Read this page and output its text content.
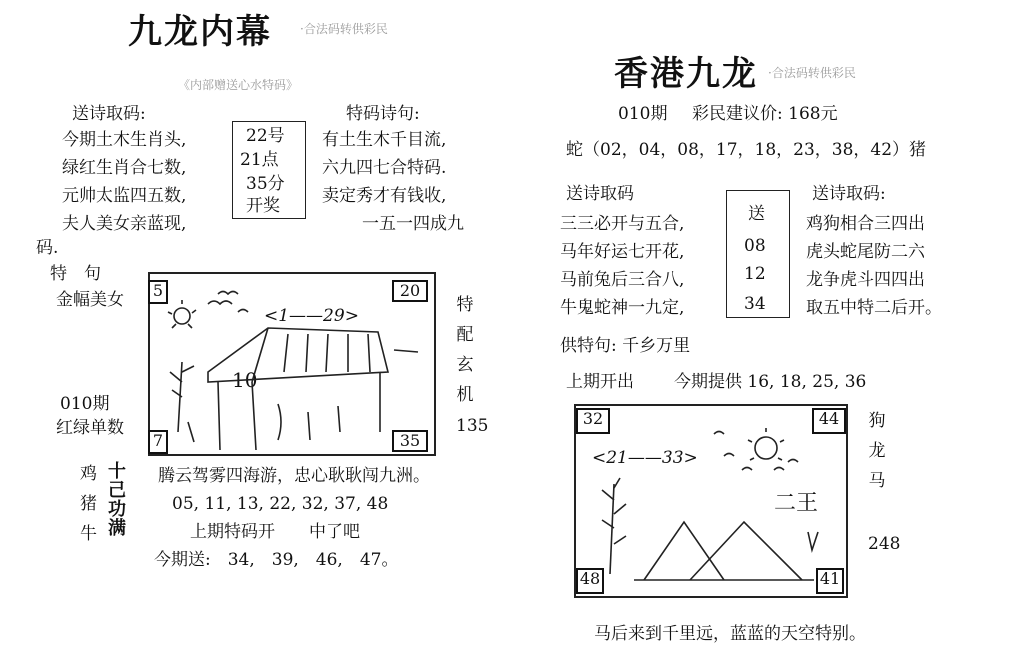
九龙内幕 ·合法码转供彩民
《内部赠送心水特码》
送诗取码:	特码诗句:
今期土木生肖头,
绿红生肖合七数,
元帅太监四五数,
夫人美女亲蓝现,
22号
21点
35分
开奖
有土生木千目流,
六九四七合特码.
卖定秀才有钱收,
一五一四成九
码.
特　句
金幅美女
010期
红绿单数
5	20
7	35
<1——29>
10
特
配
玄
机
135
鸡
猪
牛
十
己
功
满
腾云驾雾四海游，忠心耿耿闯九洲。
05, 11, 13, 22, 32, 37, 48
上期特码开　　中了吧
今期送:　34,　39,　46,　47。
香港九龙 ·合法码转供彩民
010期 彩民建议价: 168元
蛇（02，04，08，17，18，23，38，42）猪
送诗取码	送诗取码:
三三必开与五合,
马年好运七开花,
马前兔后三合八,
牛鬼蛇神一九定,
送
08
12
34
鸡狗相合三四出
虎头蛇尾防二六
龙争虎斗四四出
取五中特二后开。
供特句: 千乡万里
上期开出 今期提供 16, 18, 25, 36
32	44
48	41
<21——33>
二王
狗
龙
马
248
马后来到千里远，蓝蓝的天空特别。
